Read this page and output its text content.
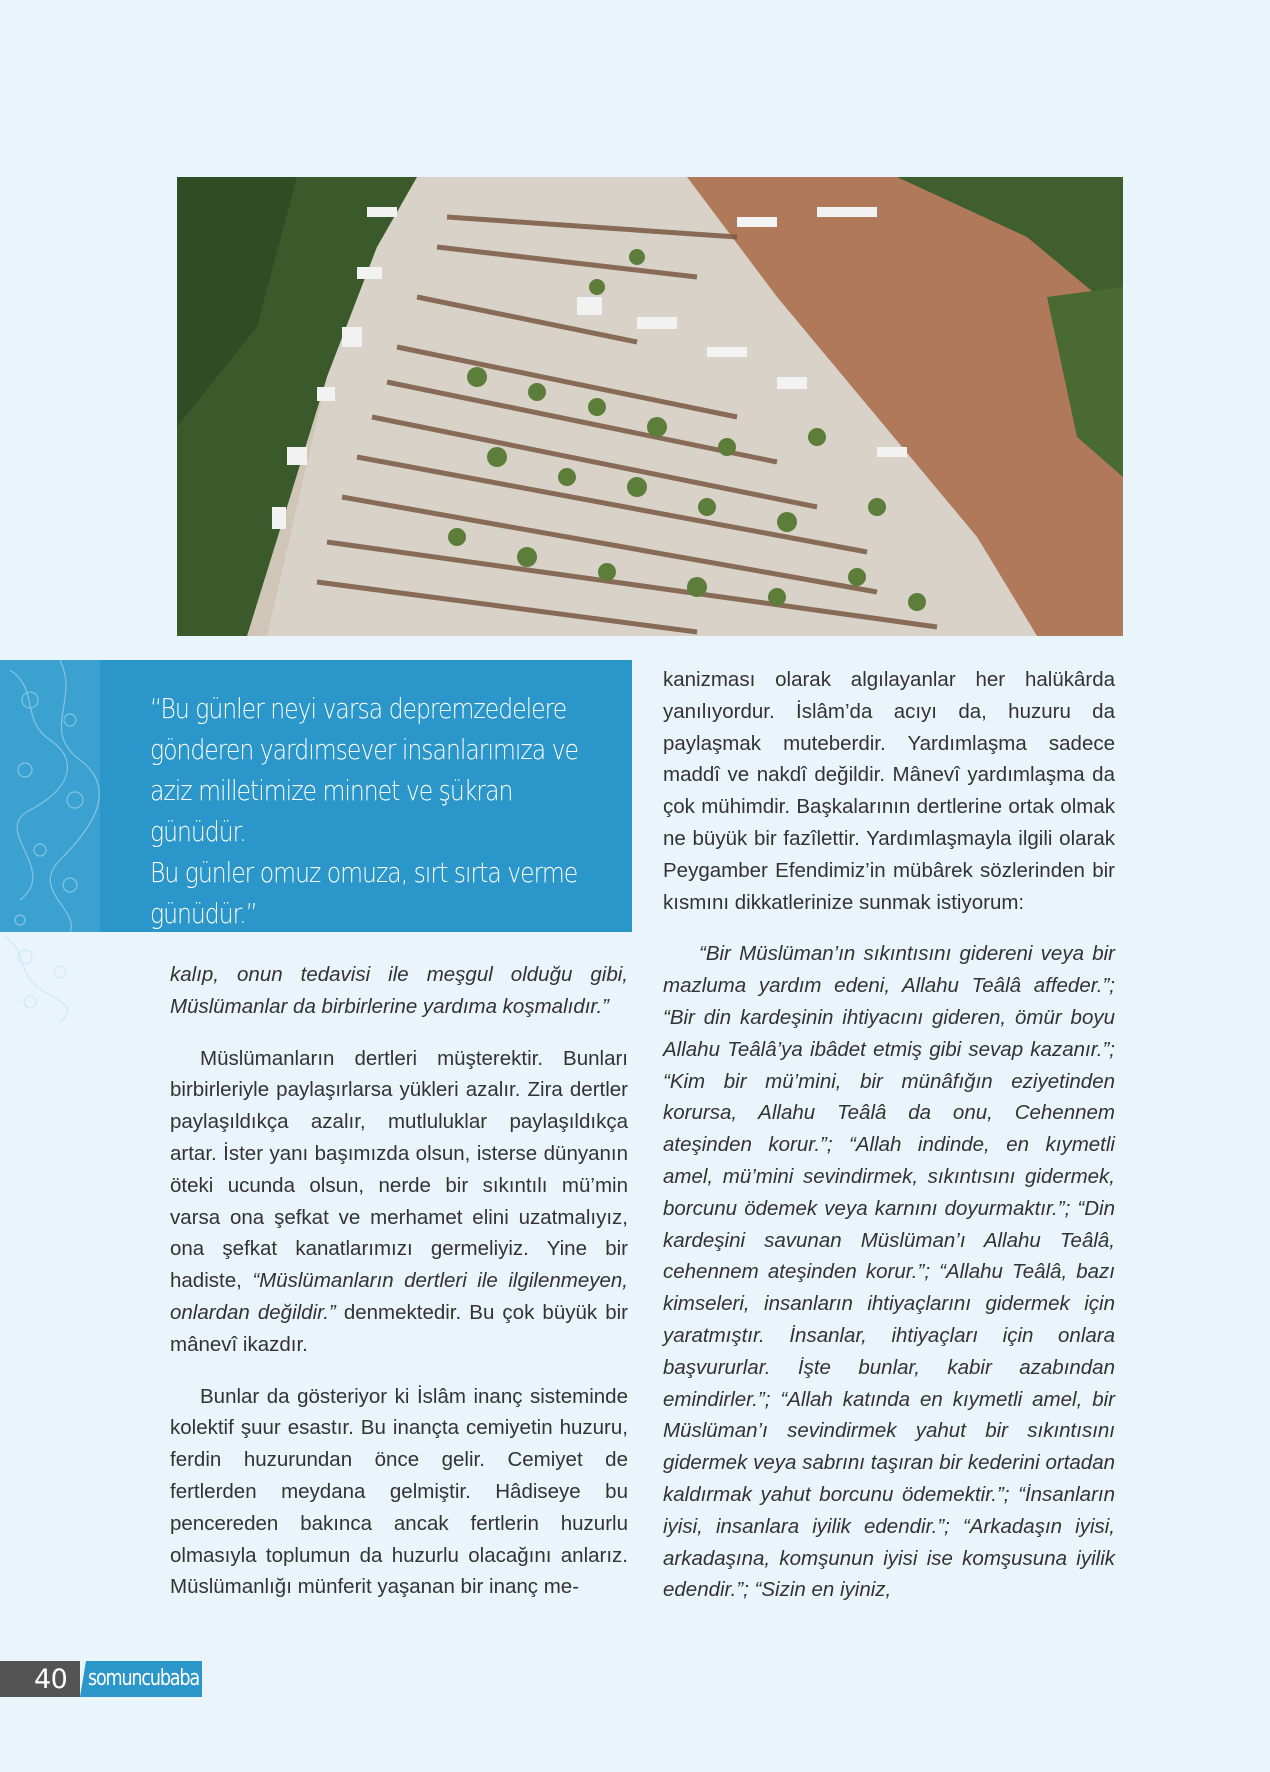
“Bu günler neyi varsa depremzedelere
gönderen yardımsever insanlarımıza ve
aziz milletimize minnet ve şükran günüdür.
Bu günler omuz omuza, sırt sırta verme
günüdür.”

kalıp, onun tedavisi ile meşgul olduğu gibi, Müslümanlar da birbirlerine yardıma koşmalıdır.”

Müslümanların dertleri müşterektir. Bunları birbirleriyle paylaşırlarsa yükleri azalır. Zira dertler paylaşıldıkça azalır, mutluluklar paylaşıldıkça artar. İster yanı başımızda olsun, isterse dünyanın öteki ucunda olsun, nerde bir sıkıntılı mü’min varsa ona şefkat ve merhamet elini uzatmalıyız, ona şefkat kanatlarımızı germeliyiz. Yine bir hadiste, “Müslümanların dertleri ile ilgilenmeyen, onlardan değildir.” denmektedir. Bu çok büyük bir mânevî ikazdır.

Bunlar da gösteriyor ki İslâm inanç sisteminde kolektif şuur esastır. Bu inançta cemiyetin huzuru, ferdin huzurundan önce gelir. Cemiyet de fertlerden meydana gelmiştir. Hâdiseye bu pencereden bakınca ancak fertlerin huzurlu olmasıyla toplumun da huzurlu olacağını anlarız. Müslümanlığı münferit yaşanan bir inanç me-

kanizması olarak algılayanlar her halükârda yanılıyordur. İslâm’da acıyı da, huzuru da paylaşmak muteberdir. Yardımlaşma sadece maddî ve nakdî değildir. Mânevî yardımlaşma da çok mühimdir. Başkalarının dertlerine ortak olmak ne büyük bir fazîlettir. Yardımlaşmayla ilgili olarak Peygamber Efendimiz’in mübârek sözlerinden bir kısmını dikkatlerinize sunmak istiyorum:

“Bir Müslüman’ın sıkıntısını gidereni veya bir mazluma yardım edeni, Allahu Teâlâ affeder.”; “Bir din kardeşinin ihtiyacını gideren, ömür boyu Allahu Teâlâ’ya ibâdet etmiş gibi sevap kazanır.”; “Kim bir mü’mini, bir münâfığın eziyetinden korursa, Allahu Teâlâ da onu, Cehennem ateşinden korur.”; “Allah indinde, en kıymetli amel, mü’mini sevindirmek, sıkıntısını gidermek, borcunu ödemek veya karnını doyurmaktır.”; “Din kardeşini savunan Müslüman’ı Allahu Teâlâ, cehennem ateşinden korur.”; “Allahu Teâlâ, bazı kimseleri, insanların ihtiyaçlarını gidermek için yaratmıştır. İnsanlar, ihtiyaçları için onlara başvururlar. İşte bunlar, kabir azabından emindirler.”; “Allah katında en kıymetli amel, bir Müslüman’ı sevindirmek yahut bir sıkıntısını gidermek veya sabrını taşıran bir kederini ortadan kaldırmak yahut borcunu ödemektir.”; “İnsanların iyisi, insanlara iyilik edendir.”; “Arkadaşın iyisi, arkadaşına, komşunun iyisi ise komşusuna iyilik edendir.”; “Sizin en iyiniz,

40 somuncubaba
